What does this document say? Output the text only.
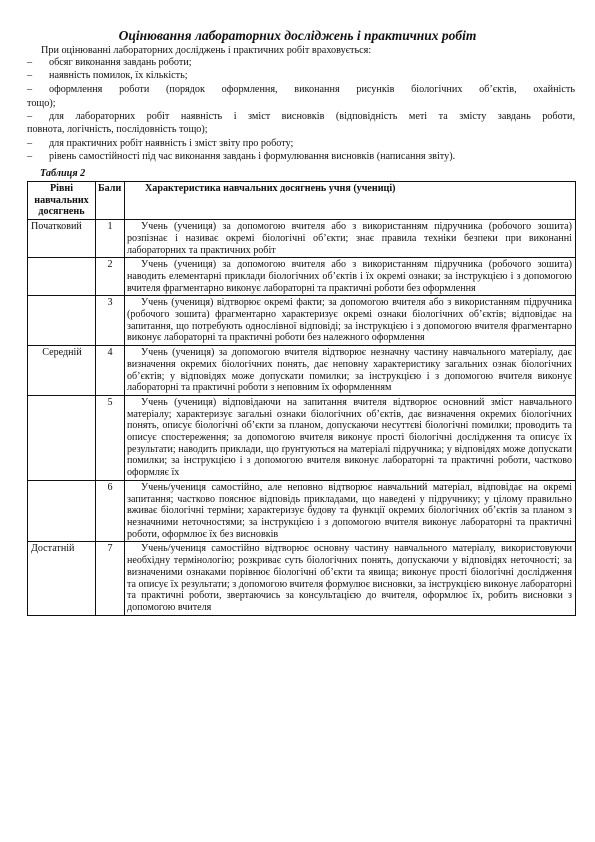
Оцінювання лабораторних досліджень і практичних робіт
При оцінюванні лабораторних досліджень і практичних робіт враховується:
– обсяг виконання завдань роботи;
– наявність помилок, їх кількість;
– оформлення роботи (порядок оформлення, виконання рисунків біологічних об’єктів, охайність
тощо);
– для лабораторних робіт наявність і зміст висновків (відповідність меті та змісту завдань роботи,
повнота, логічність, послідовність тощо);
– для практичних робіт наявність і зміст звіту про роботу;
– рівень самостійності під час виконання завдань і формулювання висновків (написання звіту).
Таблиця 2
Рівні навчальних досягнень	Бали	Характеристика навчальних досягнень учня (учениці)
Початковий	1	Учень (учениця) за допомогою вчителя або з використанням підручника (робочого зошита) розпізнає і називає окремі біологічні об’єкти; знає правила техніки безпеки при виконанні лабораторних та практичних робіт
	2	Учень (учениця) за допомогою вчителя або з використанням підручника (робочого зошита) наводить елементарні приклади біологічних об’єктів і їх окремі ознаки; за інструкцією і з допомогою вчителя фрагментарно виконує лабораторні та практичні роботи без оформлення
	3	Учень (учениця) відтворює окремі факти; за допомогою вчителя або з використанням підручника (робочого зошита) фрагментарно характеризує окремі ознаки біологічних об’єктів; відповідає на запитання, що потребують однослівної відповіді; за інструкцією і з допомогою вчителя фрагментарно виконує лабораторні та практичні роботи без належного оформлення
Середній	4	Учень (учениця) за допомогою вчителя відтворює незначну частину навчального матеріалу, дає визначення окремих біологічних понять, дає неповну характеристику загальних ознак біологічних об’єктів; у відповідях може допускати помилки; за інструкцією і з допомогою вчителя виконує лабораторні та практичні роботи з неповним їх оформленням
	5	Учень (учениця) відповідаючи на запитання вчителя відтворює основний зміст навчального матеріалу; характеризує загальні ознаки біологічних об’єктів, дає визначення окремих біологічних понять, описує біологічні об’єкти за планом, допускаючи несуттєві біологічні помилки; проводить та описує спостереження; за допомогою вчителя виконує прості біологічні дослідження та описує їх результати; наводить приклади, що ґрунтуються на матеріалі підручника; у відповідях може допускати помилки; за інструкцією і з допомогою вчителя виконує лабораторні та практичні роботи, частково оформляє їх
	6	Учень/учениця самостійно, але неповно відтворює навчальний матеріал, відповідає на окремі запитання; частково пояснює відповідь прикладами, що наведені у підручнику; у цілому правильно вживає біологічні терміни; характеризує будову та функції окремих біологічних об’єктів за планом з незначними неточностями; за інструкцією і з допомогою вчителя виконує лабораторні та практичні роботи, оформлює їх без висновків
Достатній	7	Учень/учениця самостійно відтворює основну частину навчального матеріалу, використовуючи необхідну термінологію; розкриває суть біологічних понять, допускаючи у відповідях неточності; за визначеними ознаками порівнює біологічні об’єкти та явища; виконує прості біологічні дослідження та описує їх результати; з допомогою вчителя формулює висновки, за інструкцією виконує лабораторні та практичні роботи, звертаючись за консультацією до вчителя, оформлює їх, робить висновки з допомогою вчителя
